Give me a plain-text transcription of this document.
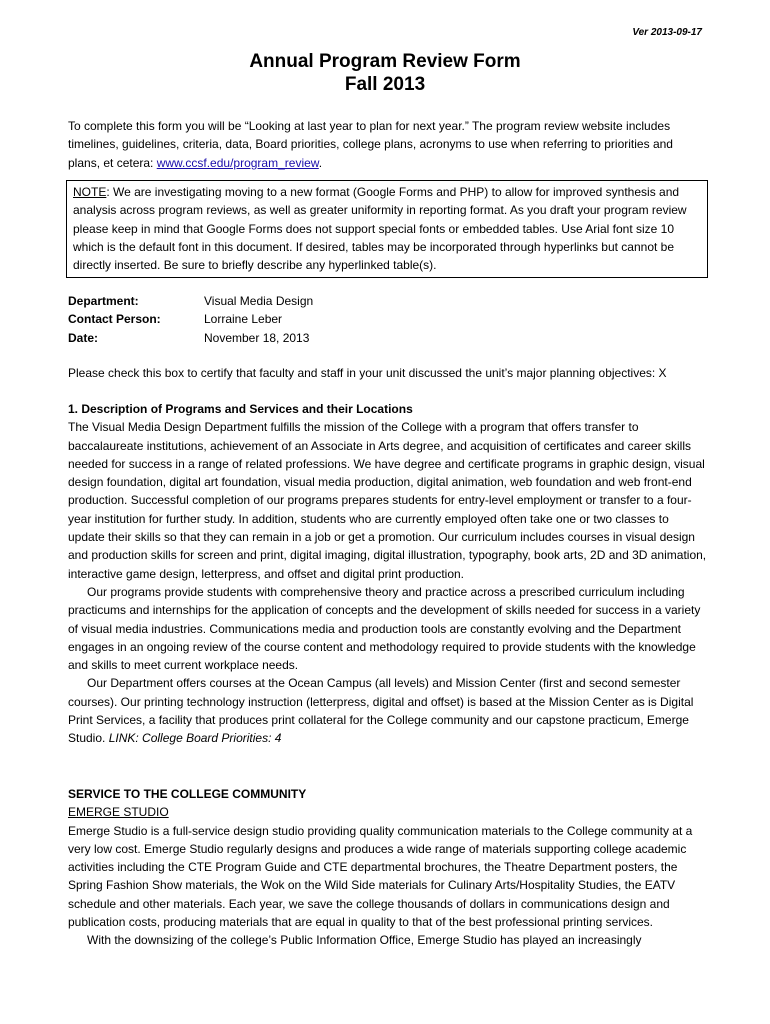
Ver 2013-09-17
Annual Program Review Form
Fall 2013

To complete this form you will be “Looking at last year to plan for next year.” The program review website includes timelines, guidelines, criteria, data, Board priorities, college plans, acronyms to use when referring to priorities and plans, et cetera: www.ccsf.edu/program_review.

NOTE: We are investigating moving to a new format (Google Forms and PHP) to allow for improved synthesis and analysis across program reviews, as well as greater uniformity in reporting format. As you draft your program review please keep in mind that Google Forms does not support special fonts or embedded tables. Use Arial font size 10 which is the default font in this document. If desired, tables may be incorporated through hyperlinks but cannot be directly inserted. Be sure to briefly describe any hyperlinked table(s).
Department:	Visual Media Design
Contact Person:	Lorraine Leber
Date:	November 18, 2013

Please check this box to certify that faculty and staff in your unit discussed the unit’s major planning objectives: X

1. Description of Programs and Services and their Locations

The Visual Media Design Department fulfills the mission of the College with a program that offers transfer to baccalaureate institutions, achievement of an Associate in Arts degree, and acquisition of certificates and career skills needed for success in a range of related professions. We have degree and certificate programs in graphic design, visual design foundation, digital art foundation, visual media production, digital animation, web foundation and web front-end production. Successful completion of our programs prepares students for entry-level employment or transfer to a four-year institution for further study. In addition, students who are currently employed often take one or two classes to update their skills so that they can remain in a job or get a promotion. Our curriculum includes courses in visual design and production skills for screen and print, digital imaging, digital illustration, typography, book arts, 2D and 3D animation, interactive game design, letterpress, and offset and digital print production.

Our programs provide students with comprehensive theory and practice across a prescribed curriculum including practicums and internships for the application of concepts and the development of skills needed for success in a variety of visual media industries. Communications media and production tools are constantly evolving and the Department engages in an ongoing review of the course content and methodology required to provide students with the knowledge and skills to meet current workplace needs.

Our Department offers courses at the Ocean Campus (all levels) and Mission Center (first and second semester courses). Our printing technology instruction (letterpress, digital and offset) is based at the Mission Center as is Digital Print Services, a facility that produces print collateral for the College community and our capstone practicum, Emerge Studio. LINK: College Board Priorities: 4

SERVICE TO THE COLLEGE COMMUNITY

EMERGE STUDIO

Emerge Studio is a full-service design studio providing quality communication materials to the College community at a very low cost. Emerge Studio regularly designs and produces a wide range of materials supporting college academic activities including the CTE Program Guide and CTE departmental brochures, the Theatre Department posters, the Spring Fashion Show materials, the Wok on the Wild Side materials for Culinary Arts/Hospitality Studies, the EATV schedule and other materials. Each year, we save the college thousands of dollars in communications design and publication costs, producing materials that are equal in quality to that of the best professional printing services.

With the downsizing of the college’s Public Information Office, Emerge Studio has played an increasingly
